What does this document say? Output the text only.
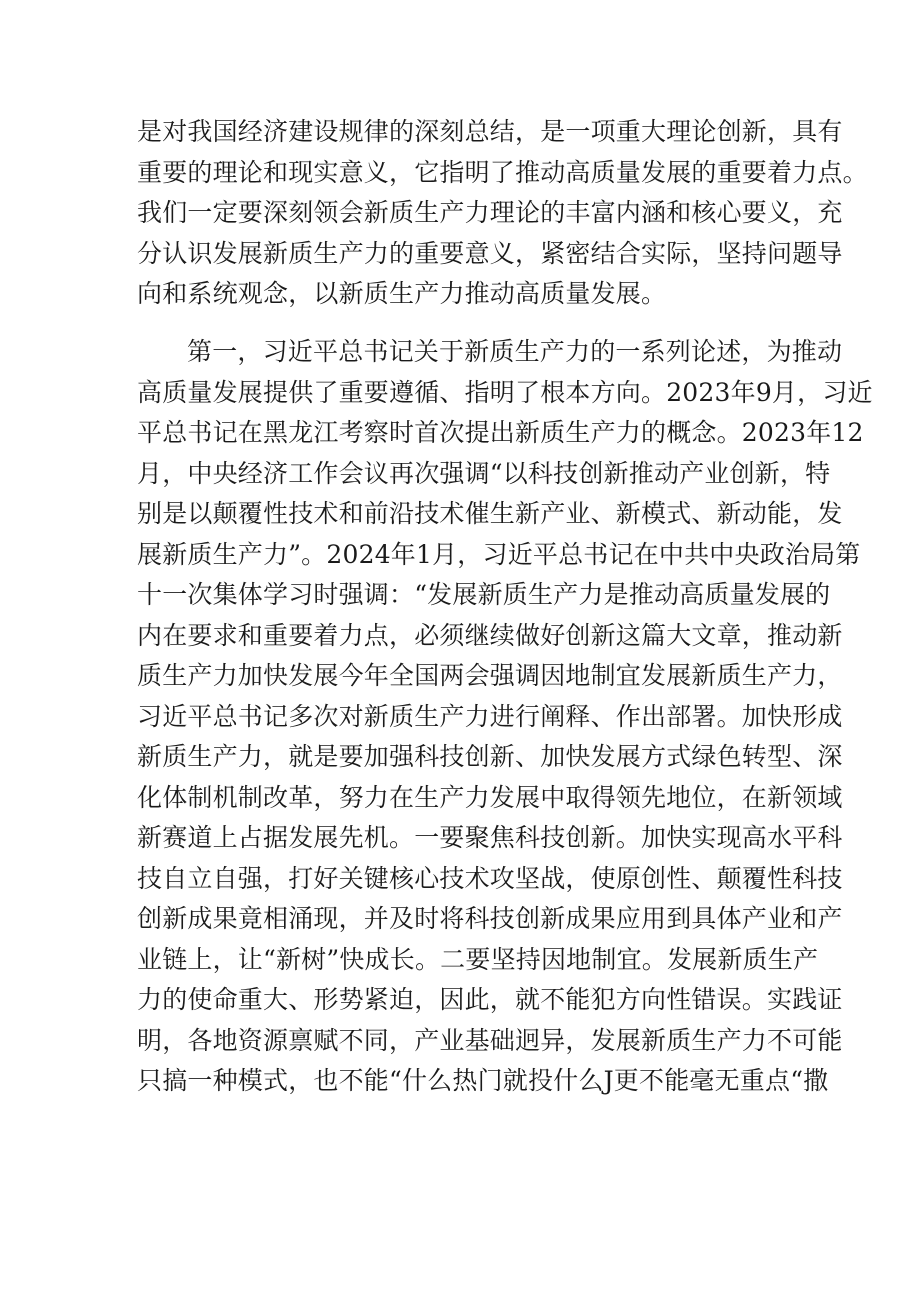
是对我国经济建设规律的深刻总结，是一项重大理论创新，具有
重要的理论和现实意义，它指明了推动高质量发展的重要着力点。
我们一定要深刻领会新质生产力理论的丰富内涵和核心要义，充
分认识发展新质生产力的重要意义，紧密结合实际，坚持问题导
向和系统观念，以新质生产力推动高质量发展。
第一，习近平总书记关于新质生产力的一系列论述，为推动
高质量发展提供了重要遵循、指明了根本方向。2023年9月，习近
平总书记在黑龙江考察时首次提出新质生产力的概念。2023年12
月，中央经济工作会议再次强调“以科技创新推动产业创新，特
别是以颠覆性技术和前沿技术催生新产业、新模式、新动能，发
展新质生产力”。2024年1月，习近平总书记在中共中央政治局第
十一次集体学习时强调：“发展新质生产力是推动高质量发展的
内在要求和重要着力点，必须继续做好创新这篇大文章，推动新
质生产力加快发展今年全国两会强调因地制宜发展新质生产力，
习近平总书记多次对新质生产力进行阐释、作出部署。加快形成
新质生产力，就是要加强科技创新、加快发展方式绿色转型、深
化体制机制改革，努力在生产力发展中取得领先地位，在新领域
新赛道上占据发展先机。一要聚焦科技创新。加快实现高水平科
技自立自强，打好关键核心技术攻坚战，使原创性、颠覆性科技
创新成果竟相涌现，并及时将科技创新成果应用到具体产业和产
业链上，让“新树”快成长。二要坚持因地制宜。发展新质生产
力的使命重大、形势紧迫，因此，就不能犯方向性错误。实践证
明，各地资源禀赋不同，产业基础迥异，发展新质生产力不可能
只搞一种模式，也不能“什么热门就投什么J更不能毫无重点“撒
